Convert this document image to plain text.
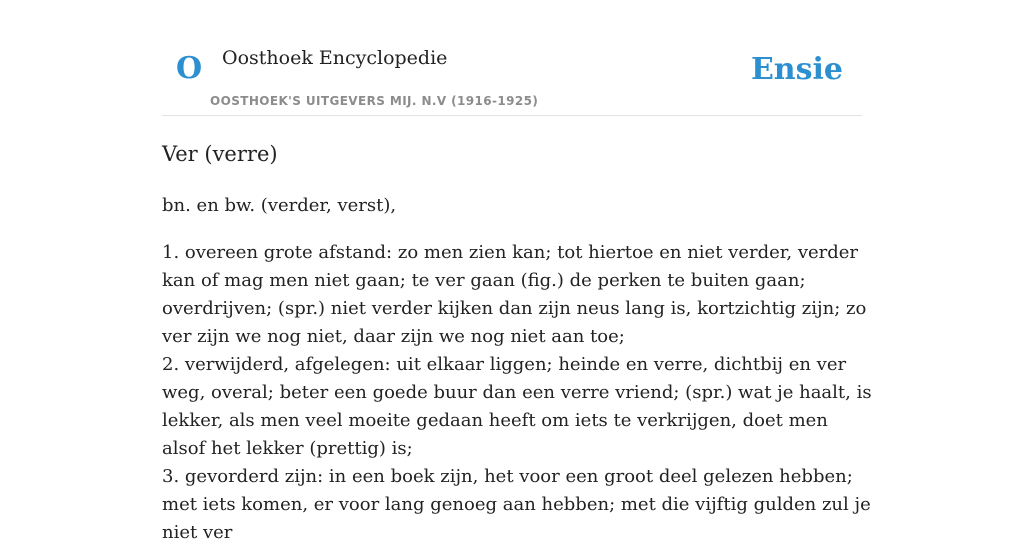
O Oosthoek Encyclopedie
OOSTHOEK'S UITGEVERS MIJ. N.V (1916-1925)
Ensie
Ver (verre)

bn. en bw. (verder, verst),

1. overeen grote afstand: zo men zien kan; tot hiertoe en niet verder, verder kan of mag men niet gaan; te ver gaan (fig.) de perken te buiten gaan; overdrijven; (spr.) niet verder kijken dan zijn neus lang is, kortzichtig zijn; zo ver zijn we nog niet, daar zijn we nog niet aan toe;
2. verwijderd, afgelegen: uit elkaar liggen; heinde en verre, dichtbij en ver weg, overal; beter een goede buur dan een verre vriend; (spr.) wat je haalt, is lekker, als men veel moeite gedaan heeft om iets te verkrijgen, doet men alsof het lekker (prettig) is;
3. gevorderd zijn: in een boek zijn, het voor een groot deel gelezen hebben; met iets komen, er voor lang genoeg aan hebben; met die vijftig gulden zul je niet ver
